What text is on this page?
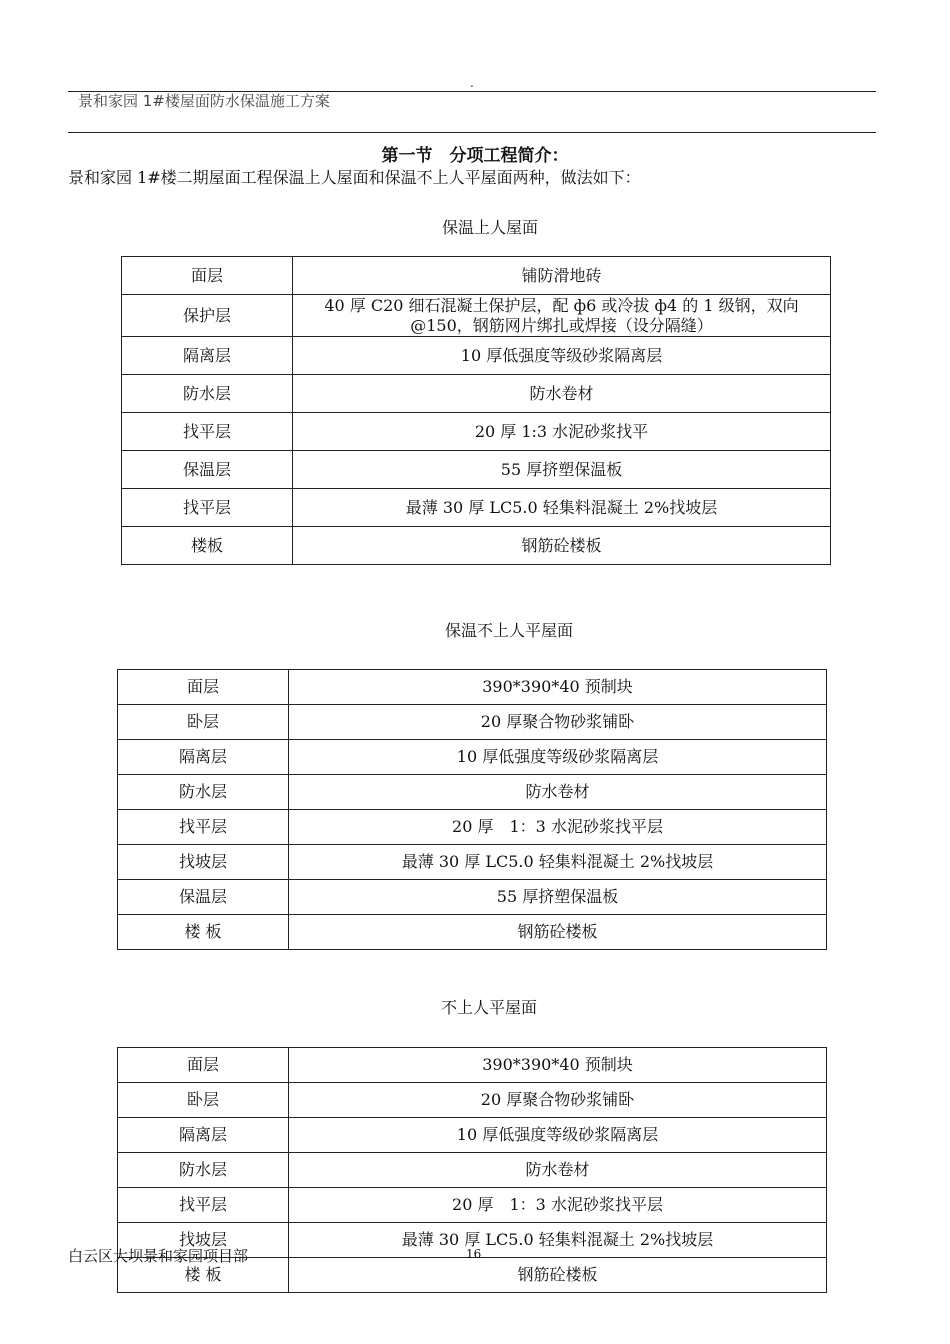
.
景和家园 1#楼屋面防水保温施工方案
第一节　分项工程简介：
景和家园 1#楼二期屋面工程保温上人屋面和保温不上人平屋面两种，做法如下：
保温上人屋面
面层	铺防滑地砖
保护层	40 厚 C20 细石混凝土保护层，配 ф6 或冷拔 ф4 的 1 级钢，双向 @150，钢筋网片绑扎或焊接（设分隔缝）
隔离层	10 厚低强度等级砂浆隔离层
防水层	防水卷材
找平层	20 厚 1:3 水泥砂浆找平
保温层	55 厚挤塑保温板
找平层	最薄 30 厚 LC5.0 轻集料混凝土 2%找坡层
楼板	钢筋砼楼板
保温不上人平屋面
面层	390*390*40 预制块
卧层	20 厚聚合物砂浆铺卧
隔离层	10 厚低强度等级砂浆隔离层
防水层	防水卷材
找平层	20 厚　1：3 水泥砂浆找平层
找坡层	最薄 30 厚 LC5.0 轻集料混凝土 2%找坡层
保温层	55 厚挤塑保温板
楼 板	钢筋砼楼板
不上人平屋面
面层	390*390*40 预制块
卧层	20 厚聚合物砂浆铺卧
隔离层	10 厚低强度等级砂浆隔离层
防水层	防水卷材
找平层	20 厚　1：3 水泥砂浆找平层
找坡层	最薄 30 厚 LC5.0 轻集料混凝土 2%找坡层
楼 板	钢筋砼楼板
白云区大坝景和家园项目部	16
